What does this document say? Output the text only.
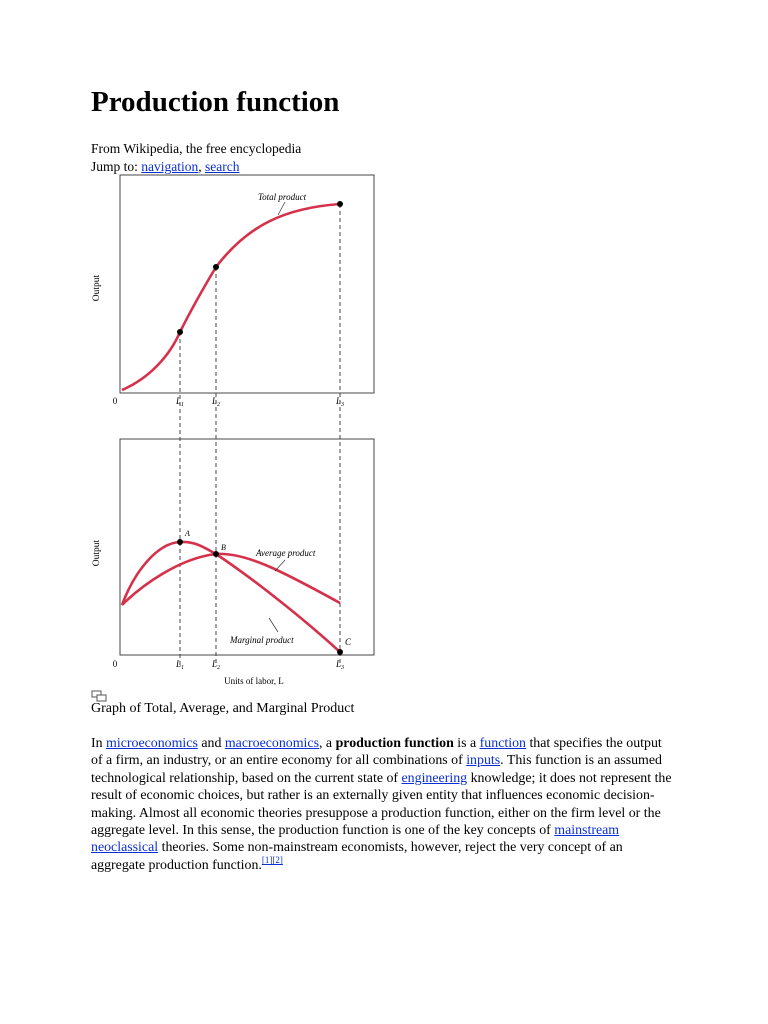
Production function
From Wikipedia, the free encyclopedia
Jump to: navigation, search
Output
0	$L_1$	$L_2$	$L_3$
Total product
Output
0	$L_1$	$L_2$	$L_3$
Units of labor, L
A
B
C
Average product
Marginal product
Graph of Total, Average, and Marginal Product
In microeconomics and macroeconomics, a production function is a function that specifies the output of a firm, an industry, or an entire economy for all combinations of inputs. This function is an assumed technological relationship, based on the current state of engineering knowledge; it does not represent the result of economic choices, but rather is an externally given entity that influences economic decision-making. Almost all economic theories presuppose a production function, either on the firm level or the aggregate level. In this sense, the production function is one of the key concepts of mainstream neoclassical theories. Some non-mainstream economists, however, reject the very concept of an aggregate production function.[1][2]
